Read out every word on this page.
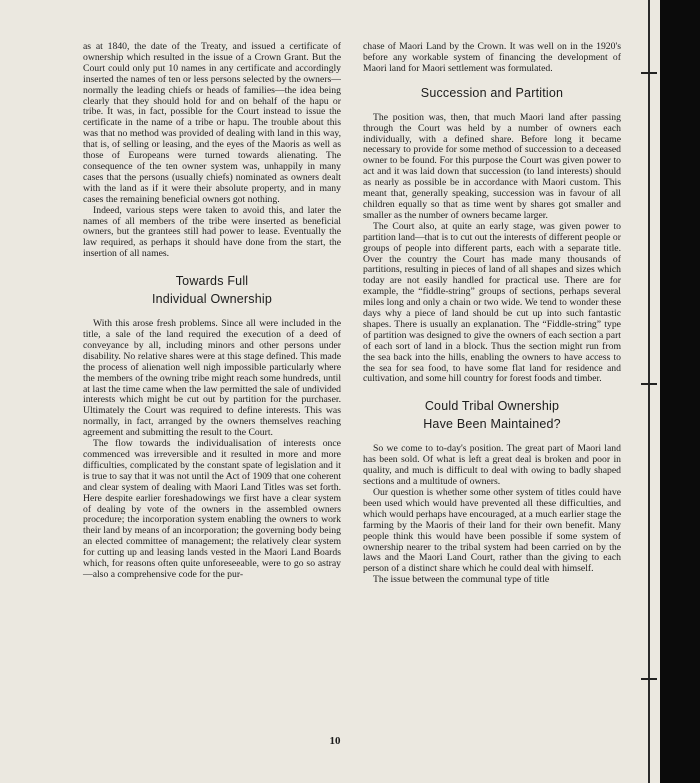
as at 1840, the date of the Treaty, and issued a certificate of ownership which resulted in the issue of a Crown Grant. But the Court could only put 10 names in any certificate and accordingly inserted the names of ten or less persons selected by the owners—normally the leading chiefs or heads of families—the idea being clearly that they should hold for and on behalf of the hapu or tribe. It was, in fact, possible for the Court instead to issue the certificate in the name of a tribe or hapu. The trouble about this was that no method was provided of dealing with land in this way, that is, of selling or leasing, and the eyes of the Maoris as well as those of Europeans were turned towards alienating. The consequence of the ten owner system was, unhappily in many cases that the persons (usually chiefs) nominated as owners dealt with the land as if it were their absolute property, and in many cases the remaining beneficial owners got nothing.

Indeed, various steps were taken to avoid this, and later the names of all members of the tribe were inserted as beneficial owners, but the grantees still had power to lease. Eventually the law required, as perhaps it should have done from the start, the insertion of all names.

Towards Full
Individual Ownership

With this arose fresh problems. Since all were included in the title, a sale of the land required the execution of a deed of conveyance by all, including minors and other persons under disability. No relative shares were at this stage defined. This made the process of alienation well nigh impossible particularly where the members of the owning tribe might reach some hundreds, until at last the time came when the law permitted the sale of undivided interests which might be cut out by partition for the purchaser. Ultimately the Court was required to define interests. This was normally, in fact, arranged by the owners themselves reaching agreement and submitting the result to the Court.

The flow towards the individualisation of interests once commenced was irreversible and it resulted in more and more difficulties, complicated by the constant spate of legislation and it is true to say that it was not until the Act of 1909 that one coherent and clear system of dealing with Maori Land Titles was set forth. Here despite earlier foreshadowings we first have a clear system of dealing by vote of the owners in the assembled owners procedure; the incorporation system enabling the owners to work their land by means of an incorporation; the governing body being an elected committee of management; the relatively clear system for cutting up and leasing lands vested in the Maori Land Boards which, for reasons often quite unforeseeable, were to go so astray—also a comprehensive code for the pur-

chase of Maori Land by the Crown. It was well on in the 1920's before any workable system of financing the development of Maori land for Maori settlement was formulated.

Succession and Partition

The position was, then, that much Maori land after passing through the Court was held by a number of owners each individually, with a defined share. Before long it became necessary to provide for some method of succession to a deceased owner to be found. For this purpose the Court was given power to act and it was laid down that succession (to land interests) should as nearly as possible be in accordance with Maori custom. This meant that, generally speaking, succession was in favour of all children equally so that as time went by shares got smaller and smaller as the number of owners became larger.

The Court also, at quite an early stage, was given power to partition land—that is to cut out the interests of different people or groups of people into different parts, each with a separate title. Over the country the Court has made many thousands of partitions, resulting in pieces of land of all shapes and sizes which today are not easily handled for practical use. There are for example, the “fiddle-string” groups of sections, perhaps several miles long and only a chain or two wide. We tend to wonder these days why a piece of land should be cut up into such fantastic shapes. There is usually an explanation. The “Fiddle-string” type of partition was designed to give the owners of each section a part of each sort of land in a block. Thus the section might run from the sea back into the hills, enabling the owners to have access to the sea for sea food, to have some flat land for residence and cultivation, and some hill country for forest foods and timber.

Could Tribal Ownership
Have Been Maintained?

So we come to to-day's position. The great part of Maori land has been sold. Of what is left a great deal is broken and poor in quality, and much is difficult to deal with owing to badly shaped sections and a multitude of owners.

Our question is whether some other system of titles could have been used which would have prevented all these difficulties, and which would perhaps have encouraged, at a much earlier stage the farming by the Maoris of their land for their own benefit. Many people think this would have been possible if some system of ownership nearer to the tribal system had been carried on by the laws and the Maori Land Court, rather than the giving to each person of a distinct share which he could deal with himself.

The issue between the communal type of title

10
